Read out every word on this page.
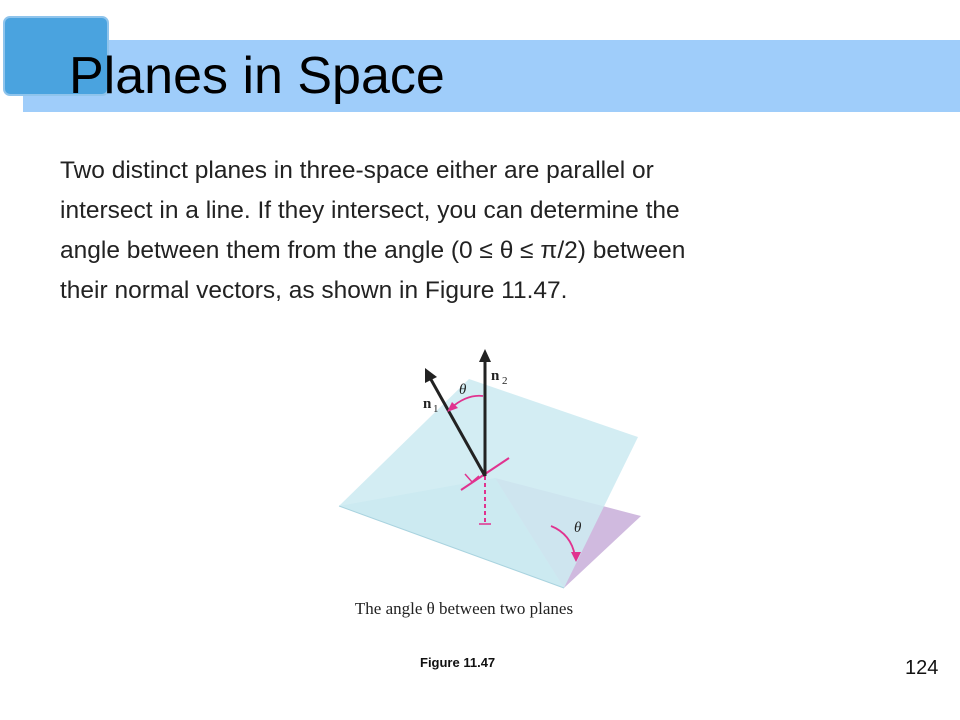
Planes in Space
Two distinct planes in three-space either are parallel or
intersect in a line. If they intersect, you can determine the
angle between them from the angle (0 ≤ θ ≤ π/2) between
their normal vectors, as shown in Figure 11.47.
n 2
n 1
θ
θ
The angle θ between two planes
Figure 11.47	124
